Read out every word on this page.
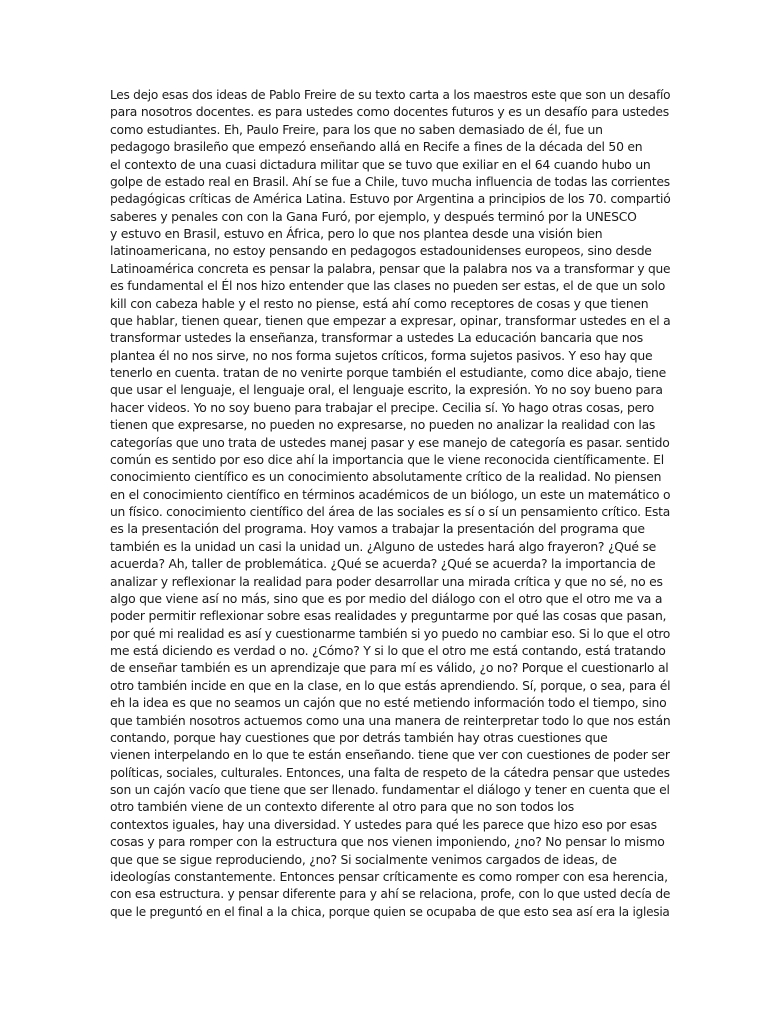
Les dejo esas dos ideas de Pablo Freire de su texto carta a los maestros este que son un desafío
para nosotros docentes. es para ustedes como docentes futuros y es un desafío para ustedes
como estudiantes. Eh, Paulo Freire, para los que no saben demasiado de él, fue un
pedagogo brasileño que empezó enseñando allá en Recife a fines de la década del 50 en
el contexto de una cuasi dictadura militar que se tuvo que exiliar en el 64 cuando hubo un
golpe de estado real en Brasil. Ahí se fue a Chile, tuvo mucha influencia de todas las corrientes
pedagógicas críticas de América Latina. Estuvo por Argentina a principios de los 70. compartió
saberes y penales con con la Gana Furó, por ejemplo, y después terminó por la UNESCO
y estuvo en Brasil, estuvo en África, pero lo que nos plantea desde una visión bien
latinoamericana, no estoy pensando en pedagogos estadounidenses europeos, sino desde
Latinoamérica concreta es pensar la palabra, pensar que la palabra nos va a transformar y que
es fundamental el Él nos hizo entender que las clases no pueden ser estas, el de que un solo
kill con cabeza hable y el resto no piense, está ahí como receptores de cosas y que tienen
que hablar, tienen quear, tienen que empezar a expresar, opinar, transformar ustedes en el a
transformar ustedes la enseñanza, transformar a ustedes La educación bancaria que nos
plantea él no nos sirve, no nos forma sujetos críticos, forma sujetos pasivos. Y eso hay que
tenerlo en cuenta. tratan de no venirte porque también el estudiante, como dice abajo, tiene
que usar el lenguaje, el lenguaje oral, el lenguaje escrito, la expresión. Yo no soy bueno para
hacer videos. Yo no soy bueno para trabajar el precipe. Cecilia sí. Yo hago otras cosas, pero
tienen que expresarse, no pueden no expresarse, no pueden no analizar la realidad con las
categorías que uno trata de ustedes manej pasar y ese manejo de categoría es pasar. sentido
común es sentido por eso dice ahí la importancia que le viene reconocida científicamente. El
conocimiento científico es un conocimiento absolutamente crítico de la realidad. No piensen
en el conocimiento científico en términos académicos de un biólogo, un este un matemático o
un físico. conocimiento científico del área de las sociales es sí o sí un pensamiento crítico. Esta
es la presentación del programa. Hoy vamos a trabajar la presentación del programa que
también es la unidad un casi la unidad un. ¿Alguno de ustedes hará algo frayeron? ¿Qué se
acuerda? Ah, taller de problemática. ¿Qué se acuerda? ¿Qué se acuerda? la importancia de
analizar y reflexionar la realidad para poder desarrollar una mirada crítica y que no sé, no es
algo que viene así no más, sino que es por medio del diálogo con el otro que el otro me va a
poder permitir reflexionar sobre esas realidades y preguntarme por qué las cosas que pasan,
por qué mi realidad es así y cuestionarme también si yo puedo no cambiar eso. Si lo que el otro
me está diciendo es verdad o no. ¿Cómo? Y si lo que el otro me está contando, está tratando
de enseñar también es un aprendizaje que para mí es válido, ¿o no? Porque el cuestionarlo al
otro también incide en que en la clase, en lo que estás aprendiendo. Sí, porque, o sea, para él
eh la idea es que no seamos un cajón que no esté metiendo información todo el tiempo, sino
que también nosotros actuemos como una una manera de reinterpretar todo lo que nos están
contando, porque hay cuestiones que por detrás también hay otras cuestiones que
vienen interpelando en lo que te están enseñando. tiene que ver con cuestiones de poder ser
políticas, sociales, culturales. Entonces, una falta de respeto de la cátedra pensar que ustedes
son un cajón vacío que tiene que ser llenado. fundamentar el diálogo y tener en cuenta que el
otro también viene de un contexto diferente al otro para que no son todos los
contextos iguales, hay una diversidad. Y ustedes para qué les parece que hizo eso por esas
cosas y para romper con la estructura que nos vienen imponiendo, ¿no? No pensar lo mismo
que que se sigue reproduciendo, ¿no? Si socialmente venimos cargados de ideas, de
ideologías constantemente. Entonces pensar críticamente es como romper con esa herencia,
con esa estructura. y pensar diferente para y ahí se relaciona, profe, con lo que usted decía de
que le preguntó en el final a la chica, porque quien se ocupaba de que esto sea así era la iglesia
